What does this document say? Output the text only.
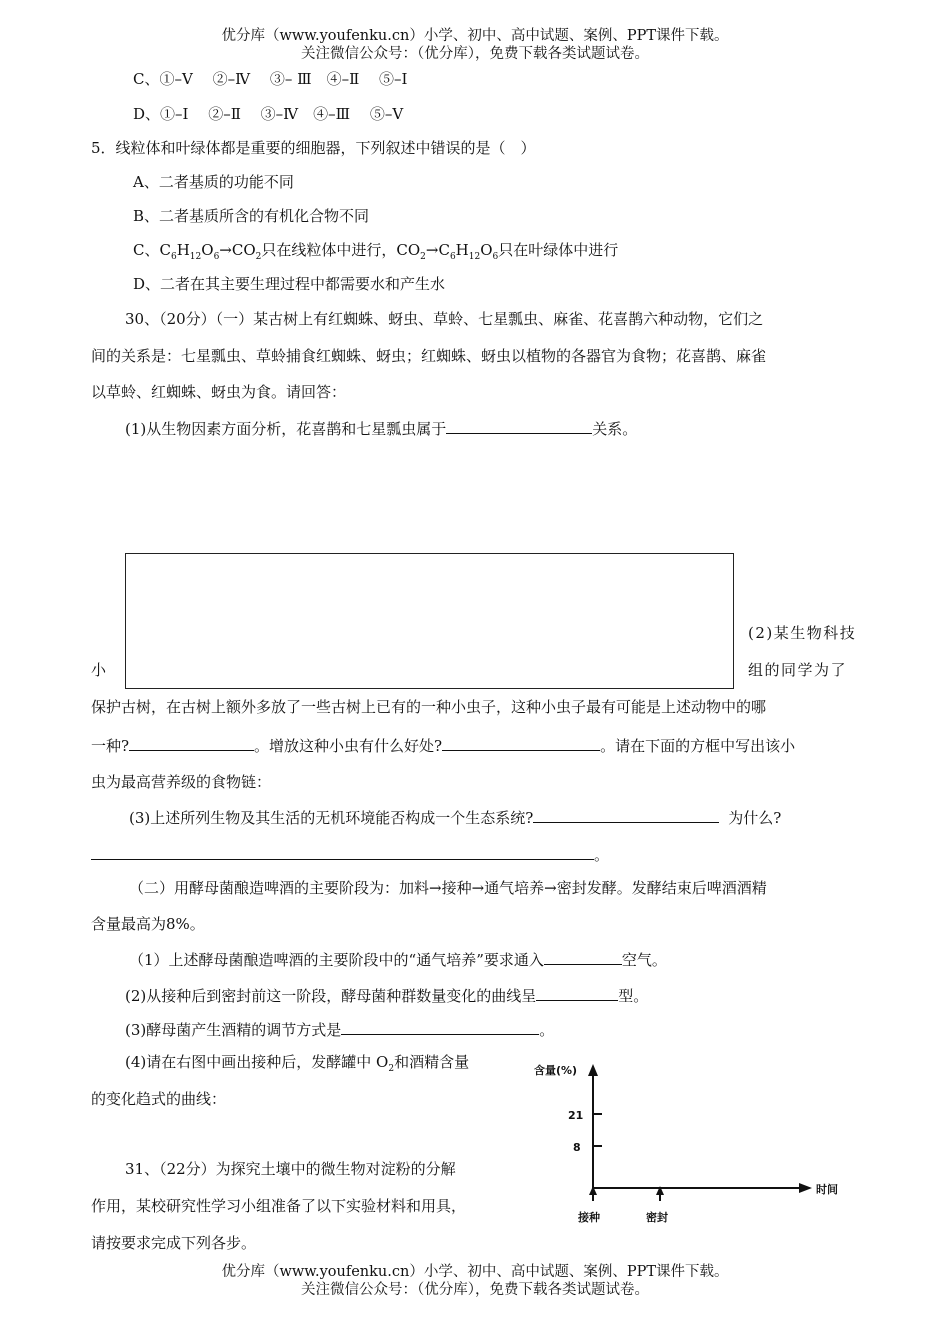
优分库（www.youfenku.cn）小学、初中、高中试题、案例、PPT课件下载。
关注微信公众号：（优分库），免费下载各类试题试卷。
C、①–Ⅴ　 ②–Ⅳ　 ③– Ⅲ　④–Ⅱ　 ⑤–Ⅰ
D、①–Ⅰ　 ②–Ⅱ　 ③–Ⅳ　④–Ⅲ　 ⑤–Ⅴ
5．线粒体和叶绿体都是重要的细胞器，下列叙述中错误的是（　）
A、二者基质的功能不同
B、二者基质所含的有机化合物不同
C、$C_6H_{12}O_6\to CO_2$只在线粒体中进行，$CO_2\to C_6H_{12}O_6$只在叶绿体中进行
D、二者在其主要生理过程中都需要水和产生水
30、（20分）（一）某古树上有红蜘蛛、蚜虫、草蛉、七星瓢虫、麻雀、花喜鹊六种动物，它们之
间的关系是：七星瓢虫、草蛉捕食红蜘蛛、蚜虫；红蜘蛛、蚜虫以植物的各器官为食物；花喜鹊、麻雀
以草蛉、红蜘蛛、蚜虫为食。请回答：
(1)从生物因素方面分析，花喜鹊和七星瓢虫属于	关系。
(2)某生物科技
小	组的同学为了
保护古树，在古树上额外多放了一些古树上已有的一种小虫子，这种小虫子最有可能是上述动物中的哪
一种?	。增放这种小虫有什么好处?	。请在下面的方框中写出该小
虫为最高营养级的食物链：
(3)上述所列生物及其生活的无机环境能否构成一个生态系统?	为什么?
。
（二）用酵母菌酿造啤酒的主要阶段为：加料→接种→通气培养→密封发酵。发酵结束后啤酒酒精
含量最高为8%。
（1）上述酵母菌酿造啤酒的主要阶段中的“通气培养”要求通入	空气。
(2)从接种后到密封前这一阶段，酵母菌种群数量变化的曲线呈	型。
(3)酵母菌产生酒精的调节方式是	。
(4)请在右图中画出接种后，发酵罐中 $O_2$和酒精含量
的变化趋式的曲线：
含量(%)
时间
21
8
接种	密封
31、（22分）为探究土壤中的微生物对淀粉的分解
作用，某校研究性学习小组准备了以下实验材料和用具，
请按要求完成下列各步。
优分库（www.youfenku.cn）小学、初中、高中试题、案例、PPT课件下载。
关注微信公众号：（优分库），免费下载各类试题试卷。
